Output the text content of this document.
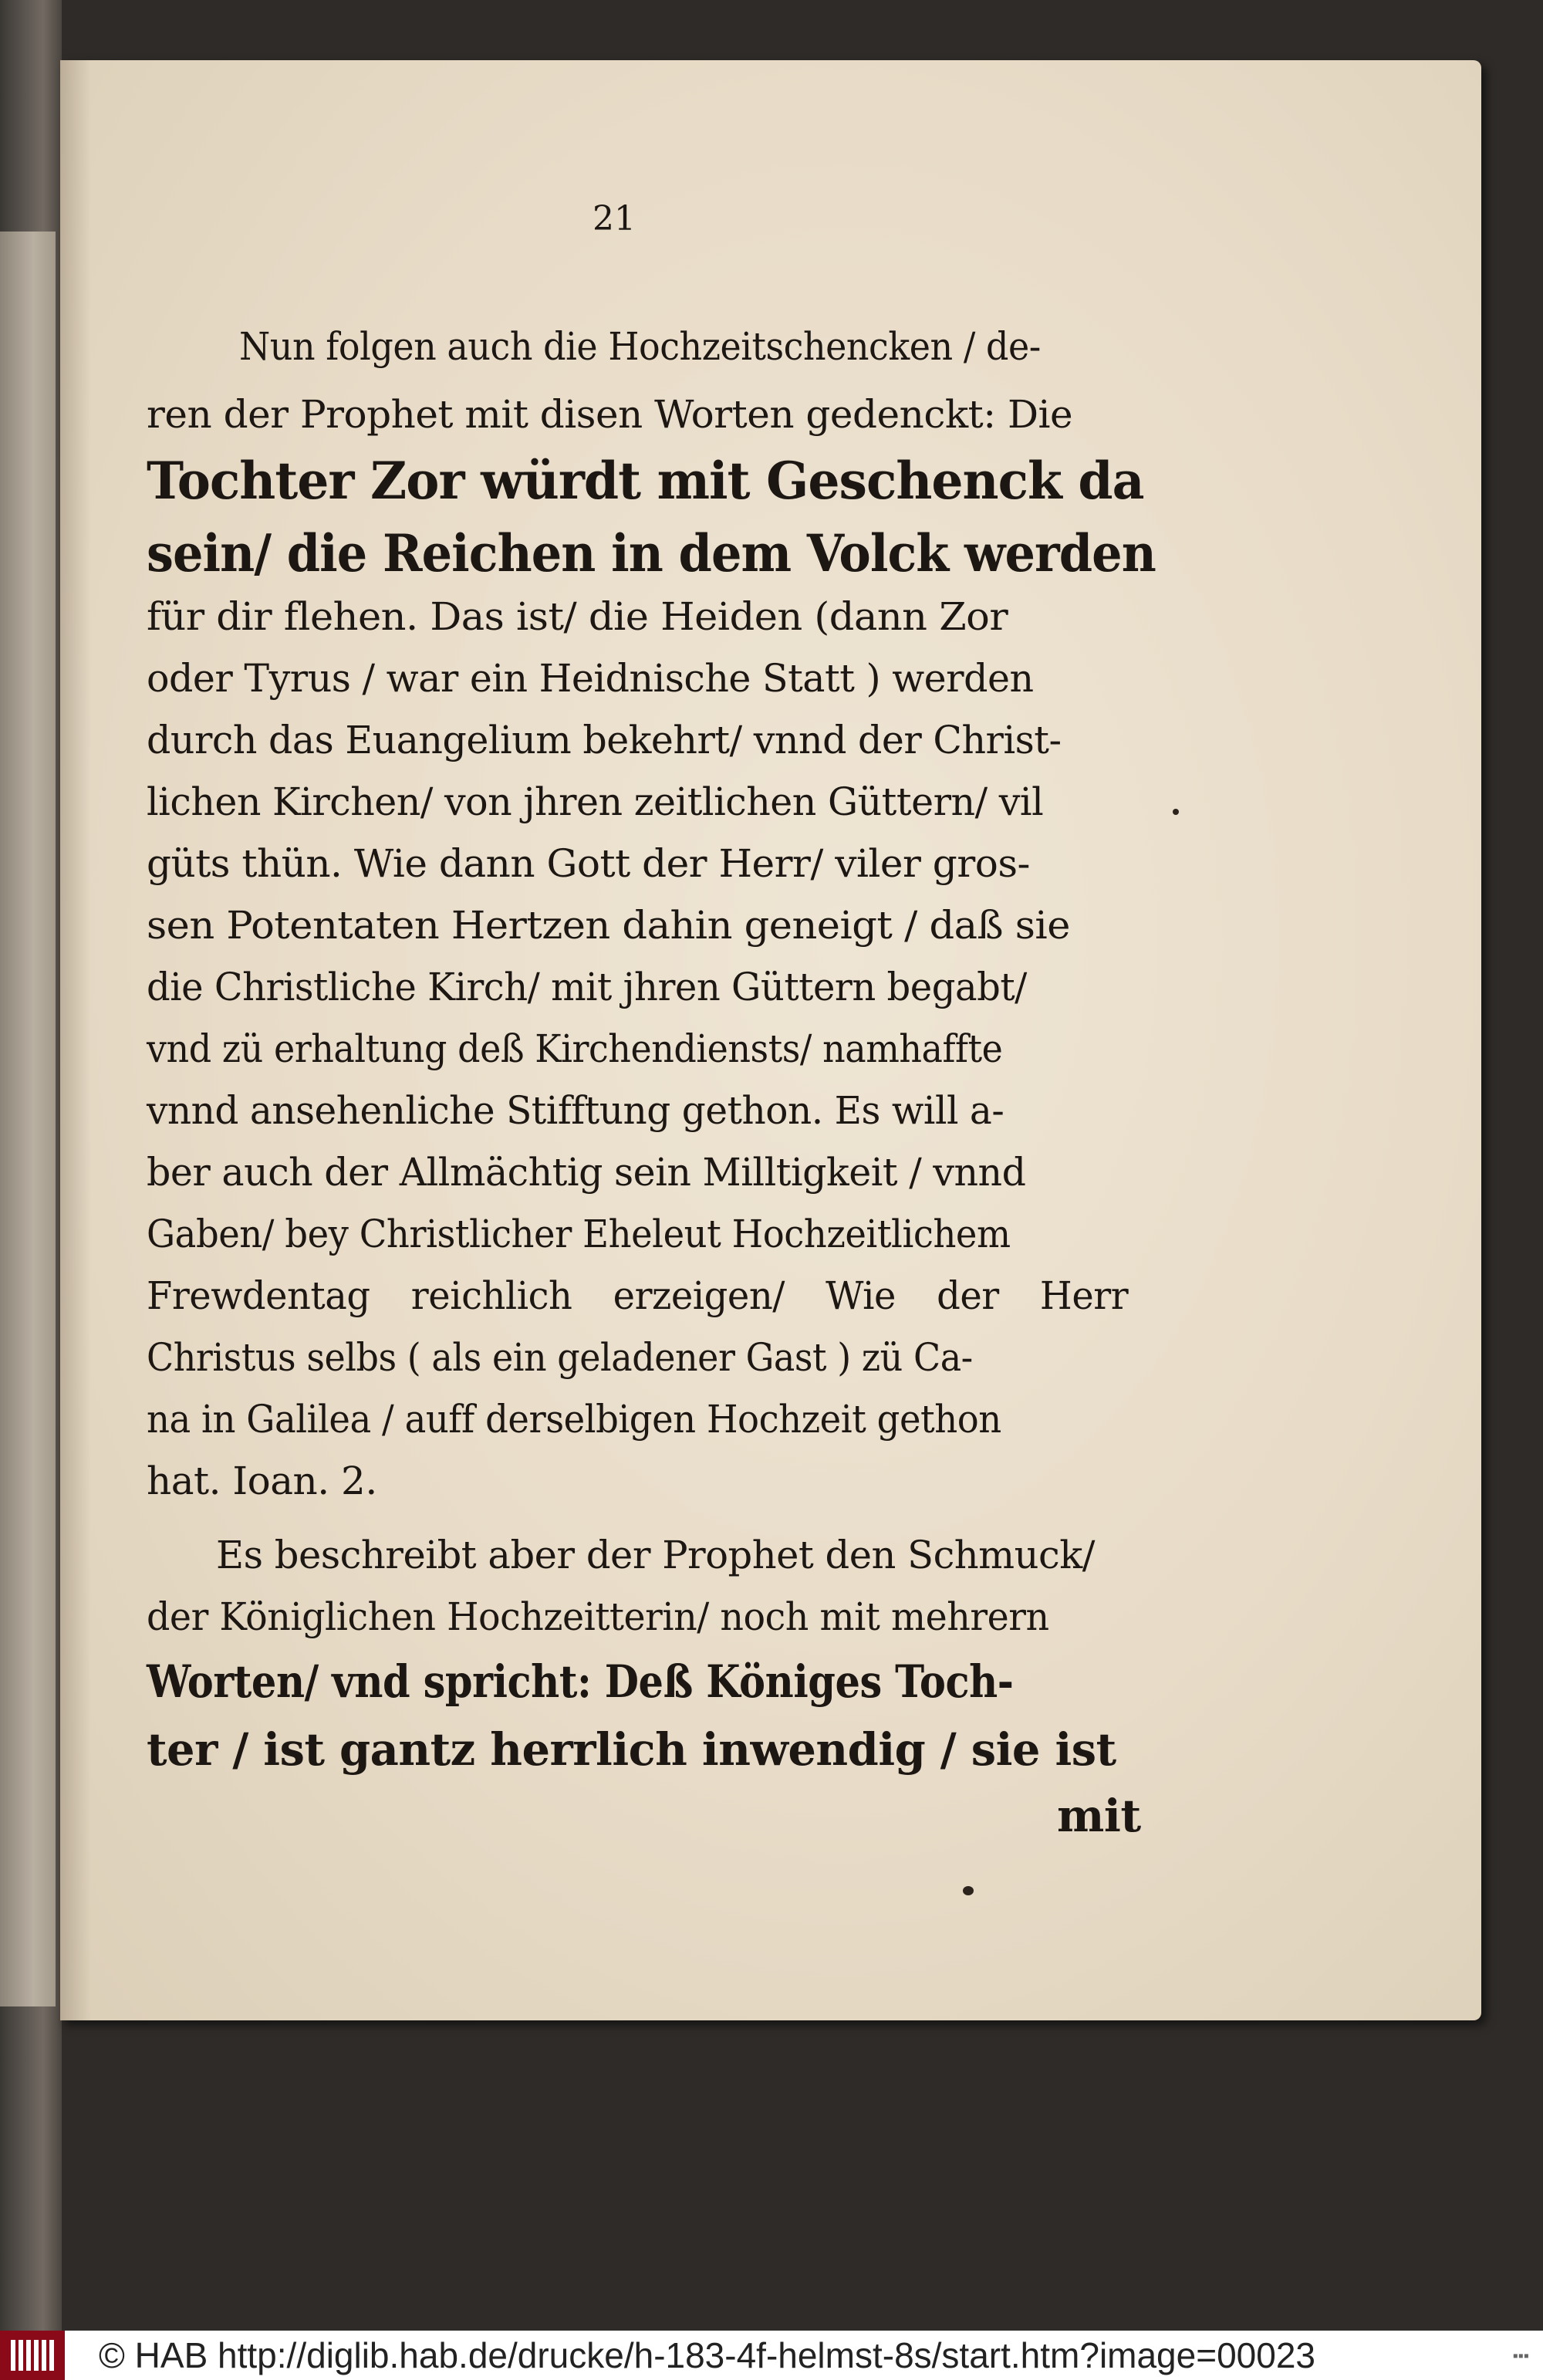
21
Nun folgen auch die Hochzeitschencken / de-
ren der Prophet mit disen Worten gedenckt: Die
Tochter Zor würdt mit Geschenck da
sein/ die Reichen in dem Volck werden
für dir flehen. Das ist/ die Heiden (dann Zor
oder Tyrus / war ein Heidnische Statt ) werden
durch das Euangelium bekehrt/ vnnd der Christ-
lichen Kirchen/ von jhren zeitlichen Güttern/ vil
güts thün. Wie dann Gott der Herr/ viler gros-
sen Potentaten Hertzen dahin geneigt / daß sie
die Christliche Kirch/ mit jhren Güttern begabt/
vnd zü erhaltung deß Kirchendiensts/ namhaffte
vnnd ansehenliche Stifftung gethon. Es will a-
ber auch der Allmächtig sein Milltigkeit / vnnd
Gaben/ bey Christlicher Eheleut Hochzeitlichem
Frewdentag reichlich erzeigen/ Wie der Herr
Christus selbs ( als ein geladener Gast ) zü Ca-
na in Galilea / auff derselbigen Hochzeit gethon
hat. Ioan. 2.
Es beschreibt aber der Prophet den Schmuck/
der Königlichen Hochzeitterin/ noch mit mehrern
Worten/ vnd spricht: Deß Königes Toch-
ter / ist gantz herrlich inwendig / sie ist
mit
© HAB http://diglib.hab.de/drucke/h-183-4f-helmst-8s/start.htm?image=00023	▪▪▪
